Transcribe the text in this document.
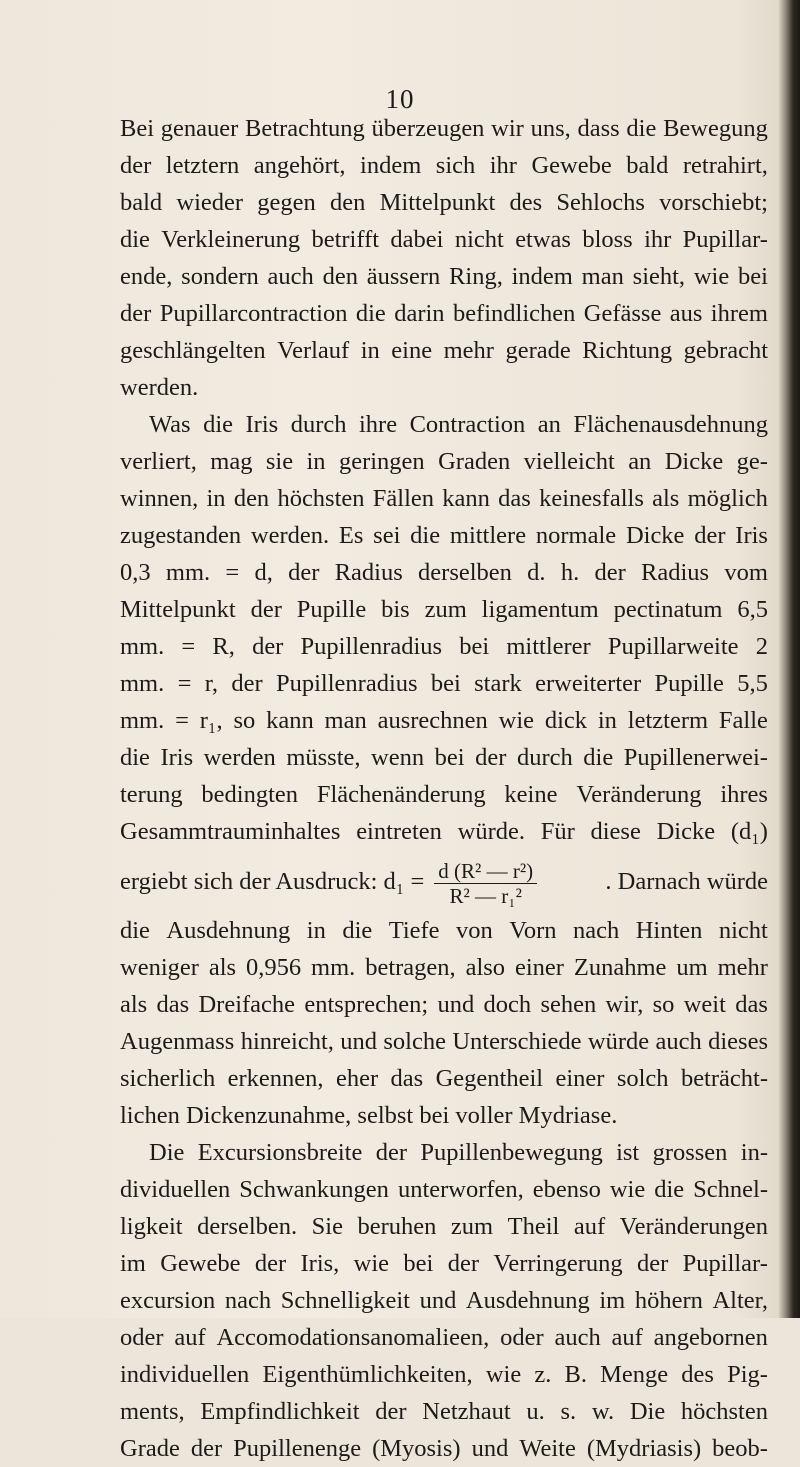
10
Bei genauer Betrachtung überzeugen wir uns, dass die Bewegung
der letztern angehört, indem sich ihr Gewebe bald retrahirt,
bald wieder gegen den Mittelpunkt des Sehlochs vorschiebt;
die Verkleinerung betrifft dabei nicht etwas bloss ihr Pupillar-
ende, sondern auch den äussern Ring, indem man sieht, wie bei
der Pupillarcontraction die darin befindlichen Gefässe aus ihrem
geschlängelten Verlauf in eine mehr gerade Richtung gebracht
werden.
Was die Iris durch ihre Contraction an Flächenausdehnung
verliert, mag sie in geringen Graden vielleicht an Dicke ge-
winnen, in den höchsten Fällen kann das keinesfalls als möglich
zugestanden werden. Es sei die mittlere normale Dicke der Iris
0,3 mm. = d, der Radius derselben d. h. der Radius vom
Mittelpunkt der Pupille bis zum ligamentum pectinatum 6,5
mm. = R, der Pupillenradius bei mittlerer Pupillarweite 2
mm. = r, der Pupillenradius bei stark erweiterter Pupille 5,5
mm. = r₁, so kann man ausrechnen wie dick in letzterm Falle
die Iris werden müsste, wenn bei der durch die Pupillenerwei-
terung bedingten Flächenänderung keine Veränderung ihres
Gesammtrauminhaltes eintreten würde. Für diese Dicke (d₁)
ergiebt sich der Ausdruck: $d_1 = \frac{\text{d (R² — r²)}}{\text{R² — r₁²}}$	. Darnach würde
die Ausdehnung in die Tiefe von Vorn nach Hinten nicht
weniger als 0,956 mm. betragen, also einer Zunahme um mehr
als das Dreifache entsprechen; und doch sehen wir, so weit das
Augenmass hinreicht, und solche Unterschiede würde auch dieses
sicherlich erkennen, eher das Gegentheil einer solch beträcht-
lichen Dickenzunahme, selbst bei voller Mydriase.
Die Excursionsbreite der Pupillenbewegung ist grossen in-
dividuellen Schwankungen unterworfen, ebenso wie die Schnel-
ligkeit derselben. Sie beruhen zum Theil auf Veränderungen
im Gewebe der Iris, wie bei der Verringerung der Pupillar-
excursion nach Schnelligkeit und Ausdehnung im höhern Alter,
oder auf Accomodationsanomalieen, oder auch auf angebornen
individuellen Eigenthümlichkeiten, wie z. B. Menge des Pig-
ments, Empfindlichkeit der Netzhaut u. s. w. Die höchsten
Grade der Pupillenenge (Myosis) und Weite (Mydriasis) beob-
